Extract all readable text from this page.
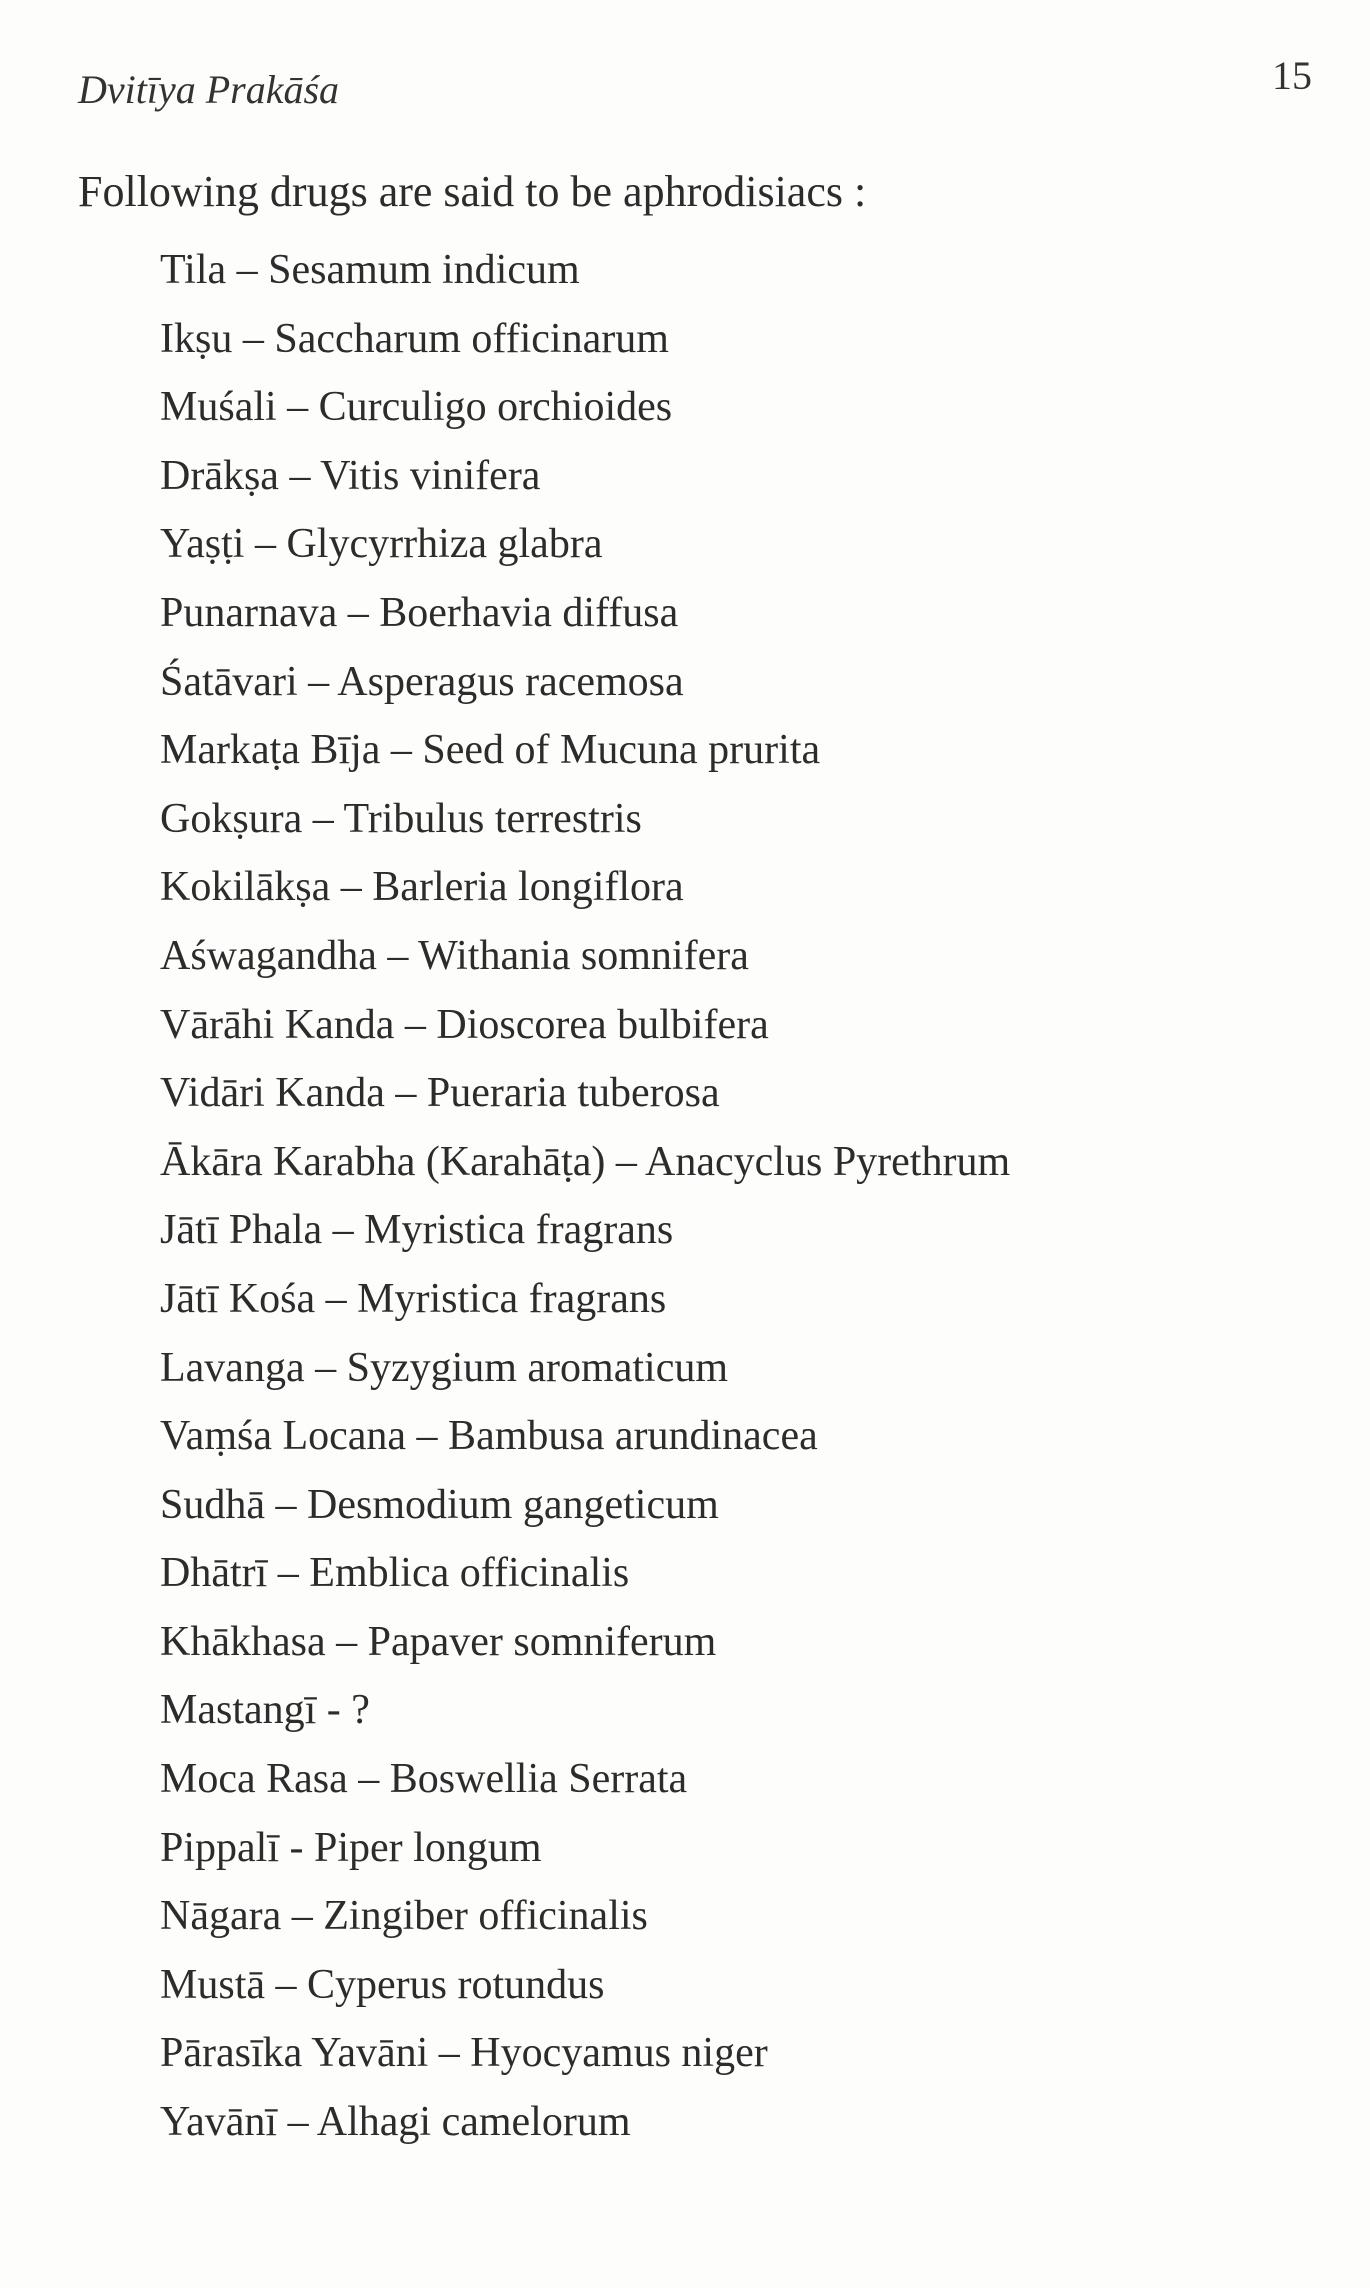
Dvitīya Prakāśa	15
Following drugs are said to be aphrodisiacs :
Tila – Sesamum indicum
Ikṣu – Saccharum officinarum
Muśali – Curculigo orchioides
Drākṣa – Vitis vinifera
Yaṣṭi – Glycyrrhiza glabra
Punarnava – Boerhavia diffusa
Śatāvari – Asperagus racemosa
Markaṭa Bīja – Seed of Mucuna prurita
Gokṣura – Tribulus terrestris
Kokilākṣa – Barleria longiflora
Aśwagandha – Withania somnifera
Vārāhi Kanda – Dioscorea bulbifera
Vidāri Kanda – Pueraria tuberosa
Ākāra Karabha (Karahāṭa) – Anacyclus Pyrethrum
Jātī Phala – Myristica fragrans
Jātī Kośa – Myristica fragrans
Lavanga – Syzygium aromaticum
Vaṃśa Locana – Bambusa arundinacea
Sudhā – Desmodium gangeticum
Dhātrī – Emblica officinalis
Khākhasa – Papaver somniferum
Mastangī - ?
Moca Rasa – Boswellia Serrata
Pippalī - Piper longum
Nāgara – Zingiber officinalis
Mustā – Cyperus rotundus
Pārasīka Yavāni – Hyocyamus niger
Yavānī – Alhagi camelorum
